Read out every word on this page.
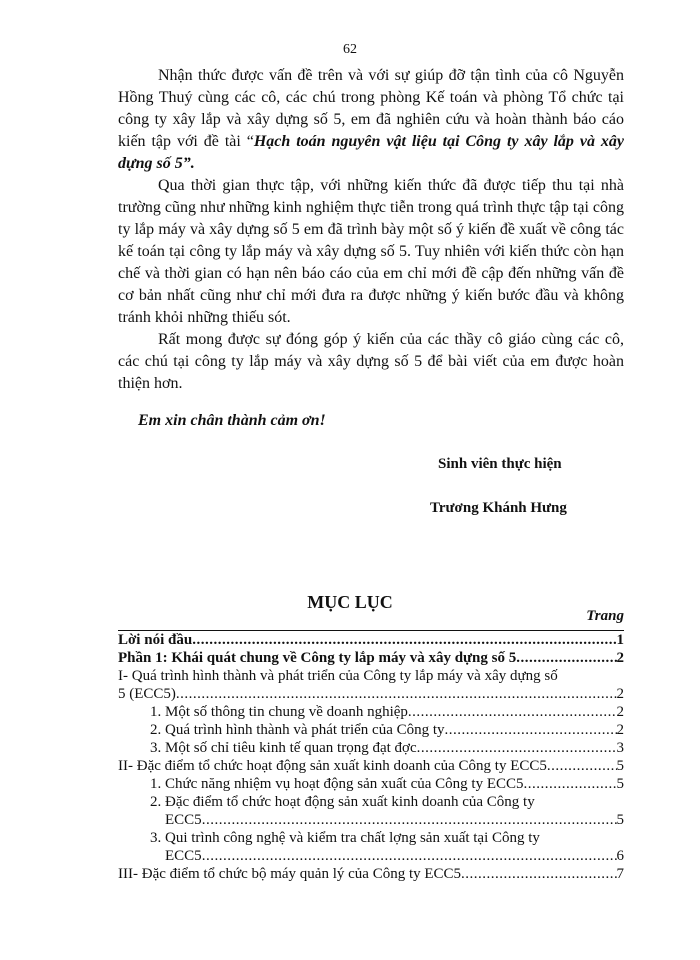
62

Nhận thức được vấn đề trên và với sự giúp đỡ tận tình của cô Nguyễn Hồng Thuý cùng các cô, các chú trong phòng Kế toán và phòng Tổ chức tại công ty xây lắp và xây dựng số 5, em đã nghiên cứu và hoàn thành báo cáo kiến tập với đề tài “Hạch toán nguyên vật liệu tại Công ty xây lắp và xây dựng số 5”.

Qua thời gian thực tập, với những kiến thức đã được tiếp thu tại nhà trường cũng như những kinh nghiệm thực tiễn trong quá trình thực tập tại công ty lắp máy và xây dựng số 5 em đã trình bày một số ý kiến đề xuất về công tác kế toán tại công ty lắp máy và xây dựng số 5. Tuy nhiên với kiến thức còn hạn chế và thời gian có hạn nên báo cáo của em chỉ mới đề cập đến những vấn đề cơ bản nhất cũng như chỉ mới đưa ra được những ý kiến bước đầu và không tránh khỏi những thiếu sót.

Rất mong được sự đóng góp ý kiến của các thầy cô giáo cùng các cô, các chú tại công ty lắp máy và xây dựng số 5 để bài viết của em được hoàn thiện hơn.

Em xin chân thành cảm ơn!
Sinh viên thực hiện
Trương Khánh Hưng
MỤC LỤC
Trang
Lời nói đầu .....	1
Phần 1: Khái quát chung về Công ty lắp máy và xây dựng số 5 .....	2
I- Quá trình hình thành và phát triển của Công ty lắp máy và xây dựng số
5 (ECC5) .....	2
1. Một số thông tin chung về doanh nghiệp .....	2
2. Quá trình hình thành và phát triển của Công ty .....	2
3. Một số chỉ tiêu kinh tế quan trọng đạt đợc .....	3
II- Đặc điểm tổ chức hoạt động sản xuất kinh doanh của Công ty ECC5 .....	5
1. Chức năng nhiệm vụ hoạt động sản xuất của Công ty ECC5 .....	5
2. Đặc điểm tổ chức hoạt động sản xuất kinh doanh của Công ty
ECC5 .....	5
3. Qui trình công nghệ và kiểm tra chất lợng sản xuất tại Công ty
ECC5 .....	6
III- Đặc điểm tổ chức bộ máy quản lý của Công ty ECC5 .....	7
